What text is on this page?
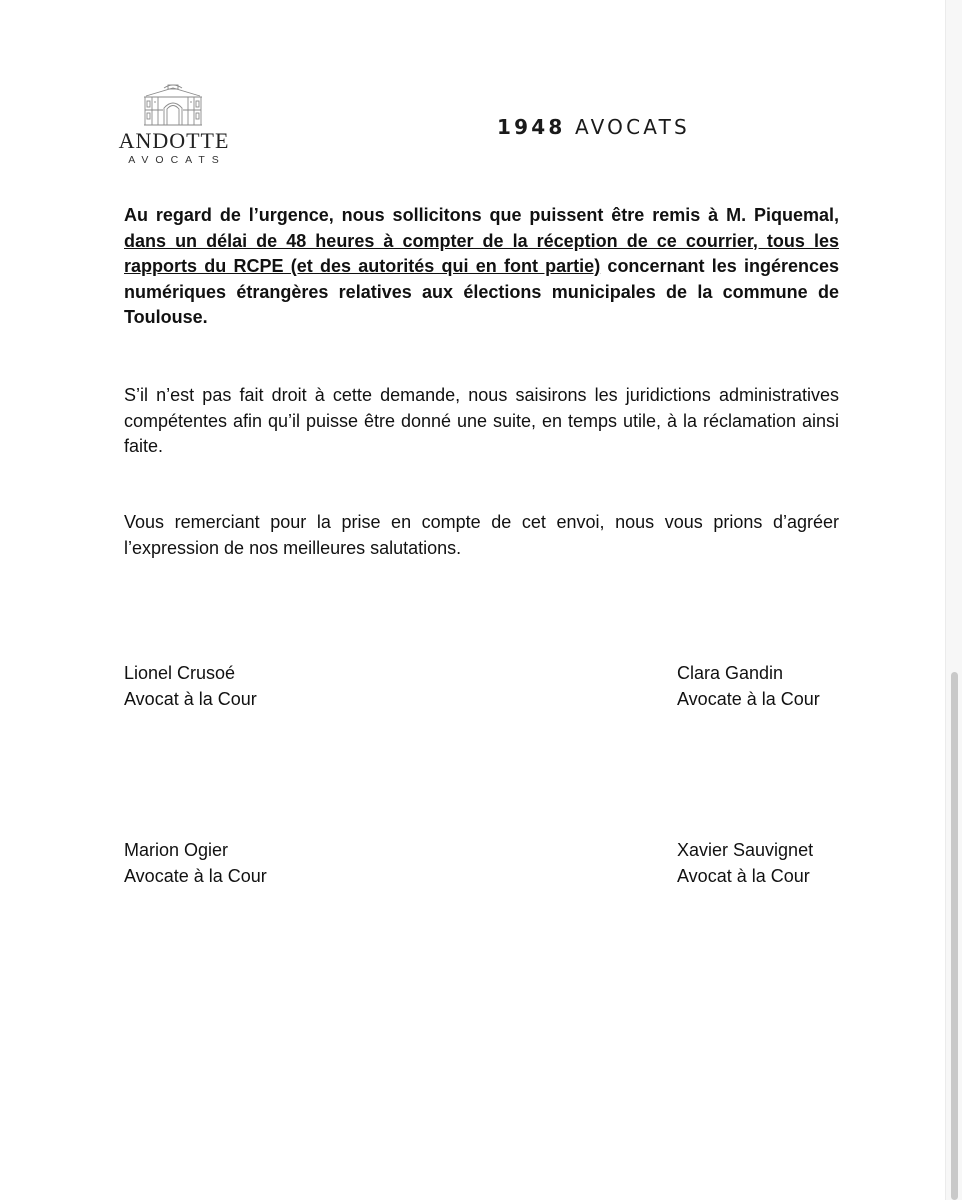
ANDOTTE
AVOCATS
1948 AVOCATS

Au regard de l’urgence, nous sollicitons que puissent être remis à M. Piquemal, dans un délai de 48 heures à compter de la réception de ce courrier, tous les rapports du RCPE (et des autorités qui en font partie) concernant les ingérences numériques étrangères relatives aux élections municipales de la commune de Toulouse.

S’il n’est pas fait droit à cette demande, nous saisirons les juridictions administratives compétentes afin qu’il puisse être donné une suite, en temps utile, à la réclamation ainsi faite.

Vous remerciant pour la prise en compte de cet envoi, nous vous prions d’agréer l’expression de nos meilleures salutations.

Lionel Crusoé
Avocat à la Cour
Clara Gandin
Avocate à la Cour
Marion Ogier
Avocate à la Cour
Xavier Sauvignet
Avocat à la Cour
